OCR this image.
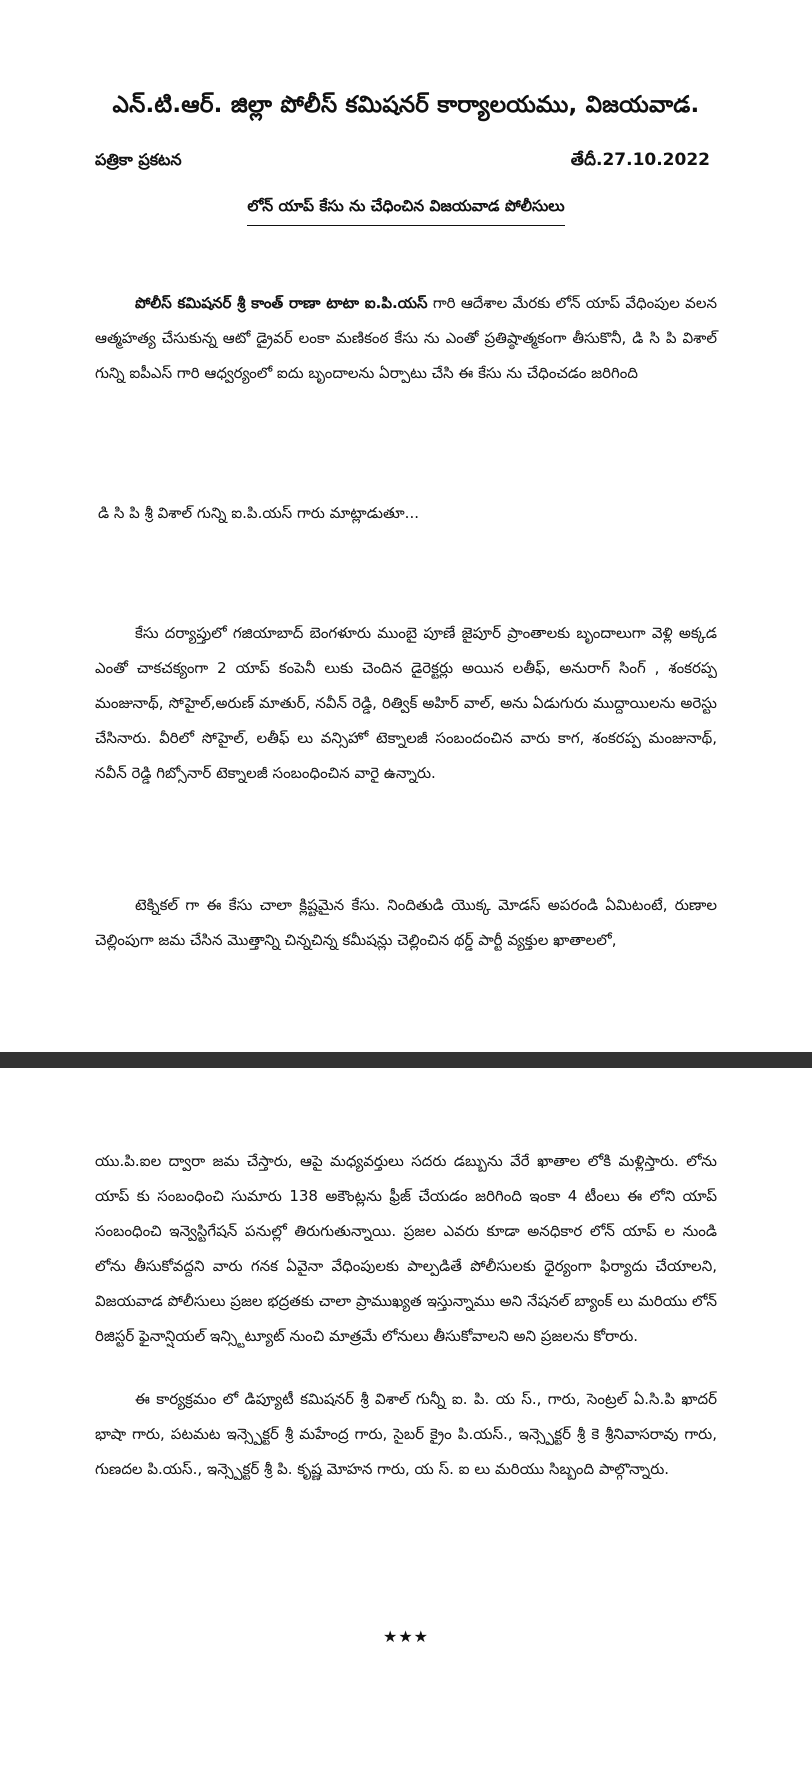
ఎన్.టి.ఆర్. జిల్లా పోలీస్ కమిషనర్ కార్యాలయము, విజయవాడ.
పత్రికా ప్రకటన	తేదీ.27.10.2022
లోన్ యాప్ కేసు ను చేధించిన విజయవాడ పోలీసులు

పోలీస్ కమిషనర్ శ్రీ కాంత్ రాణా టాటా ఐ.పి.యస్ గారి ఆదేశాల మేరకు లోన్ యాప్ వేధింపుల వలన ఆత్మహత్య చేసుకున్న ఆటో డ్రైవర్ లంకా మణికంఠ కేసు ను ఎంతో ప్రతిష్ఠాత్మకంగా తీసుకొనీ, డి సి పి విశాల్ గున్ని ఐపీఎస్ గారి ఆధ్వర్యంలో ఐదు బృందాలను ఏర్పాటు చేసి ఈ కేసు ను చేధించడం జరిగింది

డి సి పి శ్రీ విశాల్ గున్ని ఐ.పి.యస్ గారు మాట్లాడుతూ...

కేసు దర్యాప్తులో గజియాబాద్ బెంగళూరు ముంబై పూణే జైపూర్ ప్రాంతాలకు బృందాలుగా వెళ్లి అక్కడ ఎంతో చాకచక్యంగా 2 యాప్ కంపెనీ లుకు చెందిన డైరెక్టర్లు అయిన లతీఫ్, అనురాగ్ సింగ్ , శంకరప్ప మంజునాథ్, సోహైల్,అరుణ్ మాతుర్, నవీన్ రెడ్డి, రిత్విక్ అహిర్ వాల్, అను ఏడుగురు ముద్దాయిలను అరెస్టు చేసినారు. వీరిలో సోహైల్, లతీఫ్ లు వన్సిహో టెక్నాలజీ సంబందంచిన వారు కాగ, శంకరప్ప మంజునాథ్, నవీన్ రెడ్డి గిబ్సోనార్ టెక్నాలజీ సంబంధించిన వారై ఉన్నారు.

టెక్నికల్ గా ఈ కేసు చాలా క్లిష్టమైన కేసు. నిందితుడి యొక్క మోడస్ అపరండి ఏమిటంటే, రుణాల చెల్లింపుగా జమ చేసిన మొత్తాన్ని చిన్నచిన్న కమీషన్లు చెల్లించిన థర్డ్ పార్టీ వ్యక్తుల ఖాతాలలో,

యు.పి.ఐల ద్వారా జమ చేస్తారు, ఆపై మధ్యవర్తులు సదరు డబ్బును వేరే ఖాతాల లోకి మళ్లిస్తారు. లోను యాప్ కు సంబంధించి సుమారు 138 అకౌంట్లను ఫ్రీజ్ చేయడం జరిగింది ఇంకా 4 టీంలు ఈ లోని యాప్ సంబంధించి ఇన్వెస్టిగేషన్ పనుల్లో తిరుగుతున్నాయి. ప్రజల ఎవరు కూడా అనధికార లోన్ యాప్ ల నుండి లోను తీసుకోవద్దని వారు గనక ఏవైనా వేధింపులకు పాల్పడితే పోలీసులకు ధైర్యంగా ఫిర్యాదు చేయాలని, విజయవాడ పోలీసులు ప్రజల భద్రతకు చాలా ప్రాముఖ్యత ఇస్తున్నాము అని నేషనల్ బ్యాంక్ లు మరియు లోన్ రిజిస్టర్ ఫైనాన్షియల్ ఇన్స్టిట్యూట్ నుంచి మాత్రమే లోనులు తీసుకోవాలని అని ప్రజలను కోరారు.

ఈ కార్యక్రమం లో డిప్యూటీ కమిషనర్ శ్రీ విశాల్ గున్నీ ఐ. పి. య స్., గారు, సెంట్రల్ ఏ.సి.పి ఖాదర్ భాషా గారు, పటమట ఇన్స్పెక్టర్ శ్రీ మహేంద్ర గారు, సైబర్ క్రైం పి.యస్., ఇన్స్పెక్టర్ శ్రీ కె శ్రీనివాసరావు గారు, గుణదల పి.యస్., ఇన్స్పెక్టర్ శ్రీ పి. కృష్ణ మోహన గారు, య స్. ఐ లు మరియు సిబ్బంది పాల్గొన్నారు.

★★★
